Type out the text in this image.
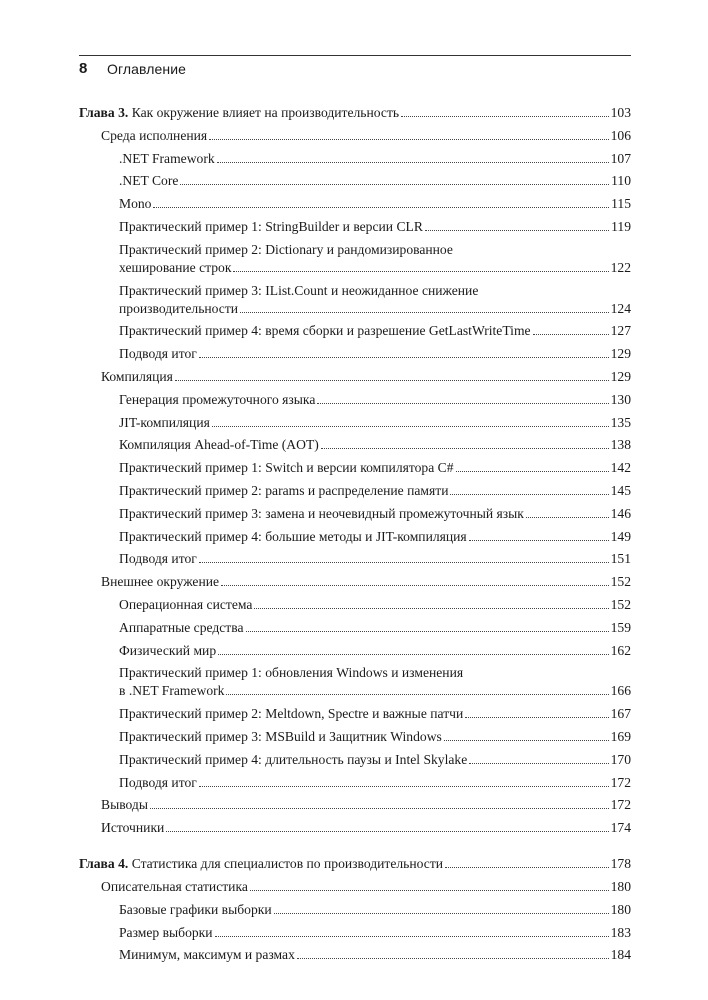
8 Оглавление
Глава 3. Как окружение влияет на производительность	103
Среда исполнения	106
.NET Framework	107
.NET Core	110
Mono	115
Практический пример 1: StringBuilder и версии CLR	119
Практический пример 2: Dictionary и рандомизированное
хеширование строк	122
Практический пример 3: IList.Count и неожиданное снижение
производительности	124
Практический пример 4: время сборки и разрешение GetLastWriteTime	127
Подводя итог	129
Компиляция	129
Генерация промежуточного языка	130
JIT-компиляция	135
Компиляция Ahead-of-Time (AOT)	138
Практический пример 1: Switch и версии компилятора C#	142
Практический пример 2: params и распределение памяти	145
Практический пример 3: замена и неочевидный промежуточный язык	146
Практический пример 4: большие методы и JIT-компиляция	149
Подводя итог	151
Внешнее окружение	152
Операционная система	152
Аппаратные средства	159
Физический мир	162
Практический пример 1: обновления Windows и изменения
в .NET Framework	166
Практический пример 2: Meltdown, Spectre и важные патчи	167
Практический пример 3: MSBuild и Защитник Windows	169
Практический пример 4: длительность паузы и Intel Skylake	170
Подводя итог	172
Выводы	172
Источники	174
Глава 4. Статистика для специалистов по производительности	178
Описательная статистика	180
Базовые графики выборки	180
Размер выборки	183
Минимум, максимум и размах	184
